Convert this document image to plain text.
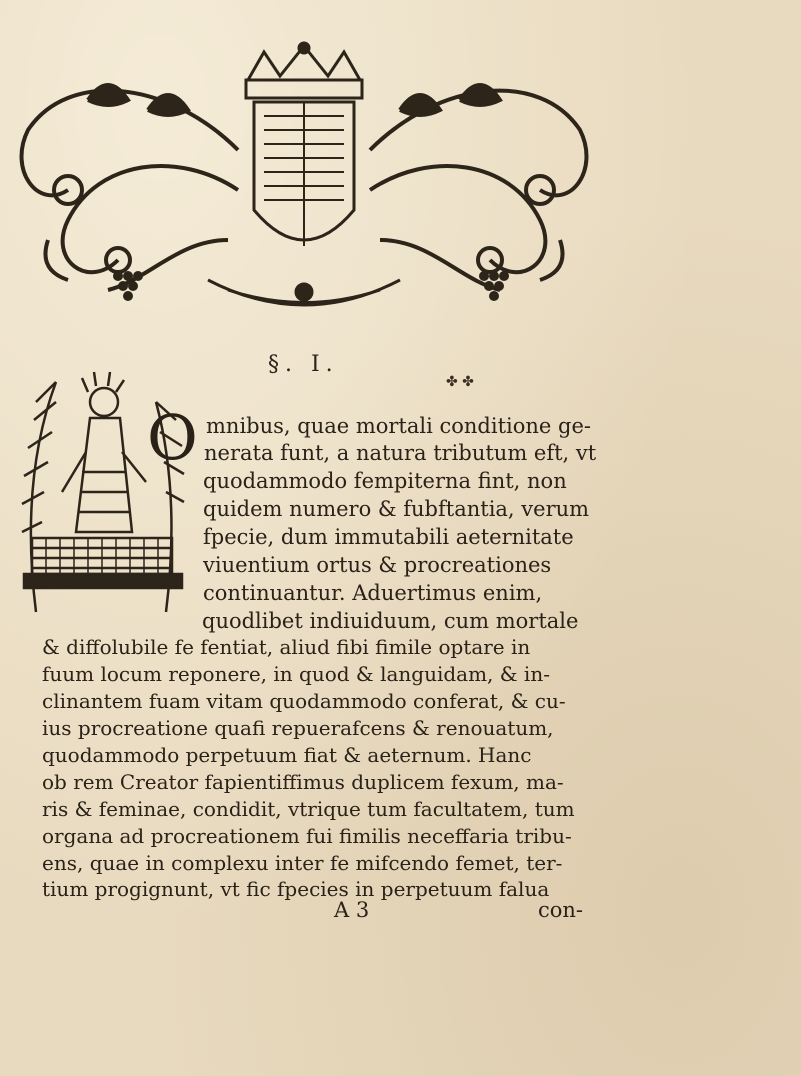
§. I.
✤ ✤
O mnibus, quae mortali conditione ge-
nerata funt, a natura tributum eft, vt
quodammodo fempiterna fint, non
quidem numero & fubftantia, verum
fpecie, dum immutabili aeternitate
viuentium ortus & procreationes
continuantur. Aduertimus enim,
quodlibet indiuiduum, cum mortale
& diffolubile fe fentiat, aliud fibi fimile optare in
fuum locum reponere, in quod & languidam, & in-
clinantem fuam vitam quodammodo conferat, & cu-
ius procreatione quafi repuerafcens & renouatum,
quodammodo perpetuum fiat & aeternum. Hanc
ob rem Creator fapientiffimus duplicem fexum, ma-
ris & feminae, condidit, vtrique tum facultatem, tum
organa ad procreationem fui fimilis neceffaria tribu-
ens, quae in complexu inter fe mifcendo femet, ter-
tium progignunt, vt fic fpecies in perpetuum falua
A 3	con-
